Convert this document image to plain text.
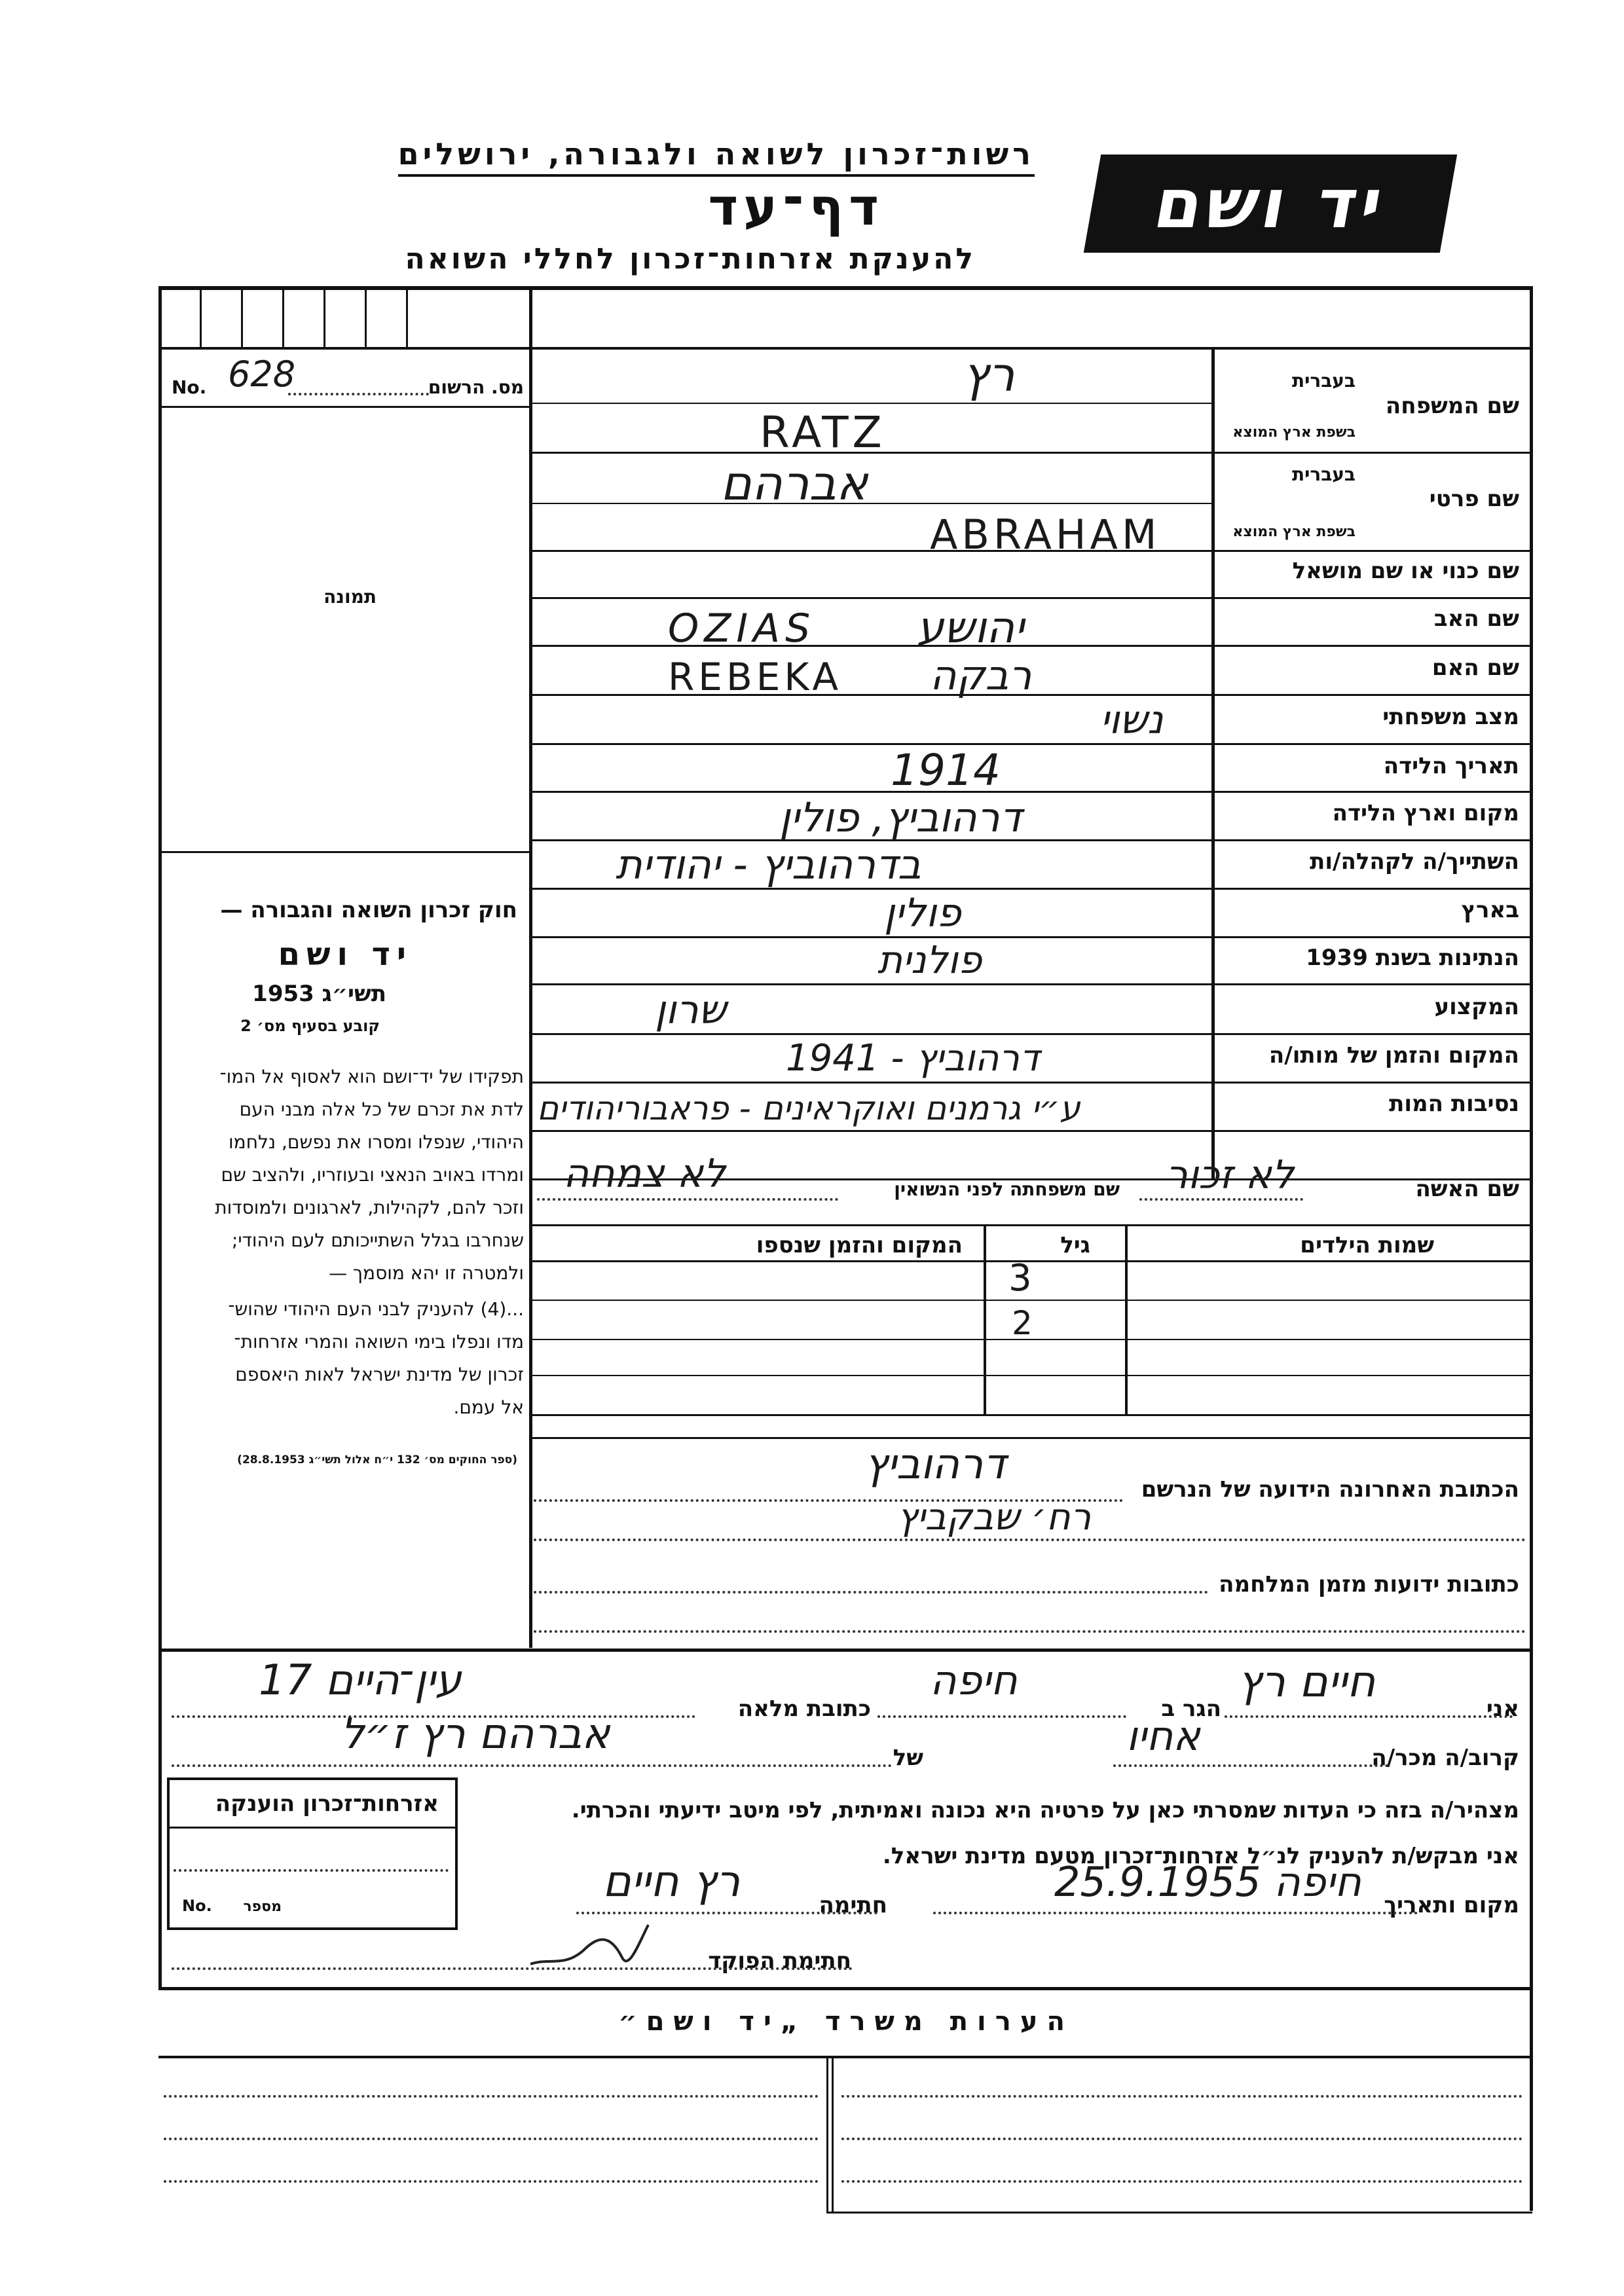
רשות־זכרון לשואה ולגבורה, ירושלים
דף־עד
להענקת אזרחות־זכרון לחללי השואה
יד ושם
מס. הרשום
628
No.
תמונה
חוק זכרון השואה והגבורה —
יד ושם
תשי״ג 1953
קובע בסעיף מס׳ 2
תפקידו של יד־ושם הוא לאסוף אל המו־
לדת את זכרם של כל אלה מבני העם
היהודי, שנפלו ומסרו את נפשם, נלחמו
ומרדו באויב הנאצי ובעוזריו, ולהציב שם
וזכר להם, לקהילות, לארגונים ולמוסדות
שנחרבו בגלל השתייכותם לעם היהודי;
ולמטרה זו יהא מוסמך —
...(4) להעניק לבני העם היהודי שהוש־
מדו ונפלו בימי השואה והמרי אזרחות־
זכרון של מדינת ישראל לאות היאספם
אל עמם.
(ספר החוקים מס׳ 132 י״ח אלול תשי״ג 28.8.1953)
שם המשפחה
בעברית
בשפת ארץ המוצא
רץ
RATZ
שם פרטי
בעברית
בשפת ארץ המוצא
אברהם
ABRAHAM
שם כנוי או שם מושאל
שם האב
שם האם
מצב משפחתי
תאריך הלידה
מקום וארץ הלידה
השתייך/ה לקהלה/ות
בארץ
הנתינות בשנת 1939
המקצוע
המקום והזמן של מותו/ה
נסיבות המות
יהושע
OZIAS
רבקה
REBEKA
נשוי
1914
דרהוביץ, פולין
בדרהוביץ - יהודית
פולין
פולנית
שרון
1941 - דרהוביץ
ע״י גרמנים ואוקראינים - פראבוריהודים
שם האשה
לא זכור
שם משפחתה לפני הנשואין
לא צמחה
שמות הילדים
גיל
המקום והזמן שנספו
3
2
הכתובת האחרונה הידועה של הנרשם
דרהוביץ
רח׳ שבקביץ
כתובות ידועות מזמן המלחמה
אני
חיים רץ
הגר ב
חיפה
כתובת מלאה
עין־היים 17
קרוב/ה מכר/ה
אחיו
של
אברהם רץ ז״ל
מצהיר/ה בזה כי העדות שמסרתי כאן על פרטיה היא נכונה ואמיתית, לפי מיטב ידיעתי והכרתי.
אני מבקש/ת להעניק לנ״ל אזרחות־זכרון מטעם מדינת ישראל.
מקום ותאריך
חיפה 25.9.1955
חתימה
רץ חיים
חתימת הפוקד
אזרחות־זכרון הוענקה
No. מספר
הערות משרד „יד ושם״
